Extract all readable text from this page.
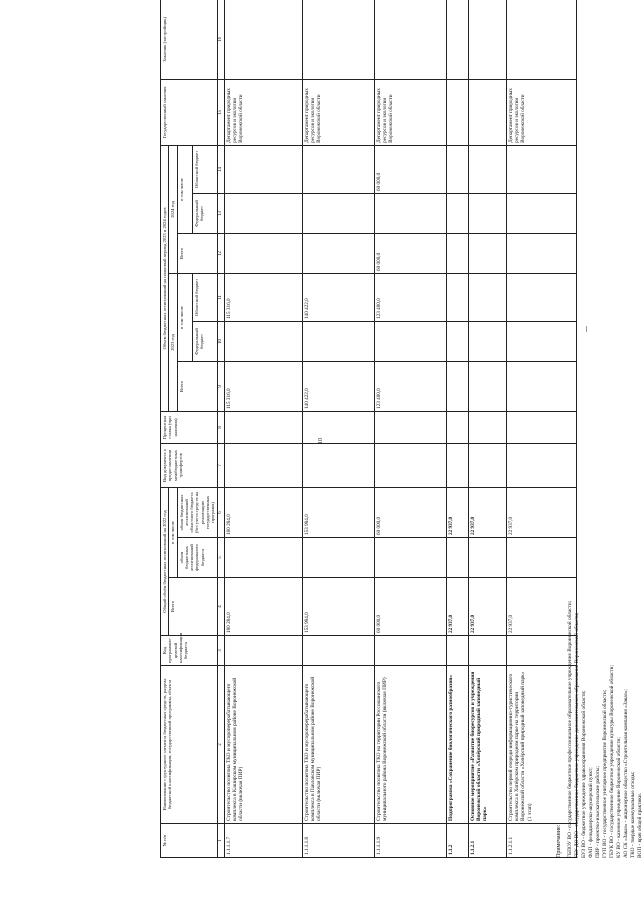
10
№ п/п	Наименование структурного элемента бюджетных средств, раздела бюджетной классификации, государственной программы, объекта	Код программно-целевой классификации бюджета	Общий объём бюджетных ассигнований на 2022 год			Вид документа о предоставлении межбюджетных трансфертов	Процентная ставка (при наличии)	Объем бюджетных ассигнований на плановый период 2023 и 2024 годов						Государственный заказчик	Заказчик (застройщик)
			Всего	в том числе				2023 год			2024 год				
				объем бюджетных ассигнований федерального бюджета	объем бюджетных ассигнований областного бюджета (без учета средств на реализацию государственных программ)			Всего	в том числе		Всего	в том числе			
									Федеральный бюджет	Областной бюджет		Федеральный бюджет	Областной бюджет		
1	2	3	4	5	6	7	8	9	10	11	12	13	14	15	16
1.1.1.1.7	Строительство полигона ТКО и мусороперерабатывающего комплекса в Каширском муниципальном районе Воронежской области (включая ПИР)		180 284,0		180 284,0			115 316,0		115 316,0				Департамент природных ресурсов и экологии Воронежской области	
1.1.1.1.8	Строительство полигона ТКО и мусороперерабатывающего комплекса в Павловском муниципальном районе Воронежской области (включая ПИР)		153 984,0		153 984,0			140 422,0		140 422,0				Департамент природных ресурсов и экологии Воронежской области	
1.1.1.1.9	Строительство полигона ТКО на территории Россошанского муниципального района Воронежской области (включая ПИР)		60 000,0		60 000,0			123 400,0		123 400,0	60 000,0		60 000,0	Департамент природных ресурсов и экологии Воронежской области	
1.1.2	Подпрограмма «Сохранение биологического разнообразия»		22 937,0		22 937,0										
1.1.2.1	Основное мероприятие «Развитие биоресурсов и учреждения Воронежской области «Хопёрский природный заповедный парк»		22 937,0		22 937,0										
1.1.2.1.1	Строительство первой очереди информационно-туристического комплекса в Хопёрском природном парке на территории Воронежской области «Хопёрский природный заповедный парк» (1 этап)		22 937,0		22 937,0									Департамент природных ресурсов и экологии Воронежской области	
Примечание: ГБПОУ ВО - государственное бюджетное профессиональное образовательное учреждение Воронежской области; ГБУ ДО ВО - государственное бюджетное учреждение дополнительного образования Воронежской области; БУЗ ВО - бюджетное учреждение здравоохранения Воронежской области; ФАП - фельдшерско-акушерский пункт; ПИР - проектно-изыскательские работы; ГУП ВО - государственное унитарное предприятие Воронежской области; ГБУК ВО - государственное бюджетное учреждение культуры Воронежской области; КУ ВО - казенное учреждение Воронежской области; АО СК «Заказ» - акционерное общество «Строительная компания «Заказ»; ТКО - твердые коммунальные отходы; ВОП - врач общей практики.
